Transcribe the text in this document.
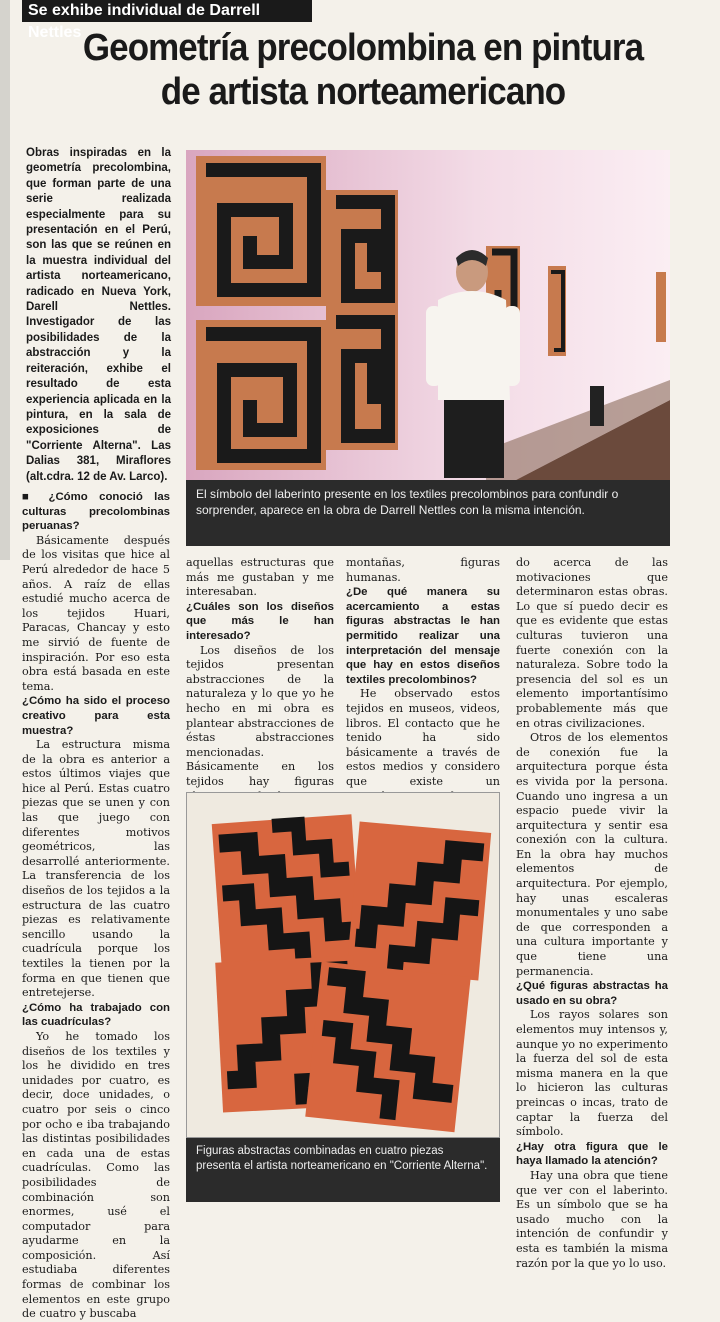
Se exhibe individual de Darrell Nettles Geometría precolombina en pintura
de artista norteamericano
Obras inspiradas en la geometría precolombina, que forman parte de una serie realizada especialmente para su presentación en el Perú, son las que se reúnen en la muestra individual del artista norteamericano, radicado en Nueva York, Darell Nettles. Investigador de las posibilidades de la abstracción y la reiteración, exhibe el resultado de esta experiencia aplicada en la pintura, en la sala de exposiciones de "Corriente Alterna". Las Dalias 381, Miraflores (alt.cdra. 12 de Av. Larco).
El símbolo del laberinto presente en los textiles precolombinos para confundir o sorprender, aparece en la obra de Darrell Nettles con la misma intención.

■ ¿Cómo conoció las culturas precolombinas peruanas?

Básicamente después de los visitas que hice al Perú alrededor de hace 5 años. A raíz de ellas estudié mucho acerca de los tejidos Huari, Paracas, Chancay y esto me sirvió de fuente de inspiración. Por eso esta obra está basada en este tema.

¿Cómo ha sido el proceso creativo para esta muestra?

La estructura misma de la obra es anterior a estos últimos viajes que hice al Perú. Estas cuatro piezas que se unen y con las que juego con diferentes motivos geométricos, las desarrollé anteriormente. La transferencia de los diseños de los tejidos a la estructura de las cuatro piezas es relativamente sencillo usando la cuadrícula porque los textiles la tienen por la forma en que tienen que entretejerse.

¿Cómo ha trabajado con las cuadrículas?

Yo he tomado los diseños de los textiles y los he dividido en tres unidades por cuatro, es decir, doce unidades, o cuatro por seis o cinco por ocho e iba trabajando las distintas posibilidades en cada una de estas cuadrículas. Como las posibilidades de combinación son enormes, usé el computador para ayudarme en la composición. Así estudiaba diferentes formas de combinar los elementos en este grupo de cuatro y buscaba

aquellas estructuras que más me gustaban y me interesaban.

¿Cuáles son los diseños que más le han interesado?

Los diseños de los tejidos presentan abstracciones de la naturaleza y lo que yo he hecho en mi obra es plantear abstracciones de éstas abstracciones mencionadas. Básicamente en los tejidos hay figuras

montañas, figuras humanas.

¿De qué manera su acercamiento a estas figuras abstractas le han permitido realizar una interpretación del mensaje que hay en estos diseños textiles precolombinos?

He observado estos tejidos en museos, videos, libros. El contacto que he tenido ha sido básicamente a través de estos medios y considero que existe un

do acerca de las motivaciones que determinaron estas obras. Lo que sí puedo decir es que es evidente que estas culturas tuvieron una fuerte conexión con la naturaleza. Sobre todo la presencia del sol es un elemento importantísimo probablemente más que en otras civilizaciones.

Otros de los elementos de conexión fue la arquitectura porque ésta es vivida por la persona. Cuando uno ingresa a un espacio puede vivir la arquitectura y sentir esa conexión con la cultura. En la obra hay muchos elementos de arquitectura. Por ejemplo, hay unas escaleras monumentales y uno sabe de que corresponden a una cultura importante y que tiene una permanencia.

¿Qué figuras abstractas ha usado en su obra?

Los rayos solares son elementos muy intensos y, aunque yo no experimento la fuerza del sol de esta misma manera en la que lo hicieron las culturas preincas o incas, trato de captar la fuerza del símbolo.

¿Hay otra figura que le haya llamado la atención?

Hay una obra que tiene que ver con el laberinto. Es un símbolo que se ha usado mucho con la intención de confundir y esta es también la misma razón por la que yo lo uso.

Figuras abstractas combinadas en cuatro piezas presenta el artista norteamericano en "Corriente Alterna".
